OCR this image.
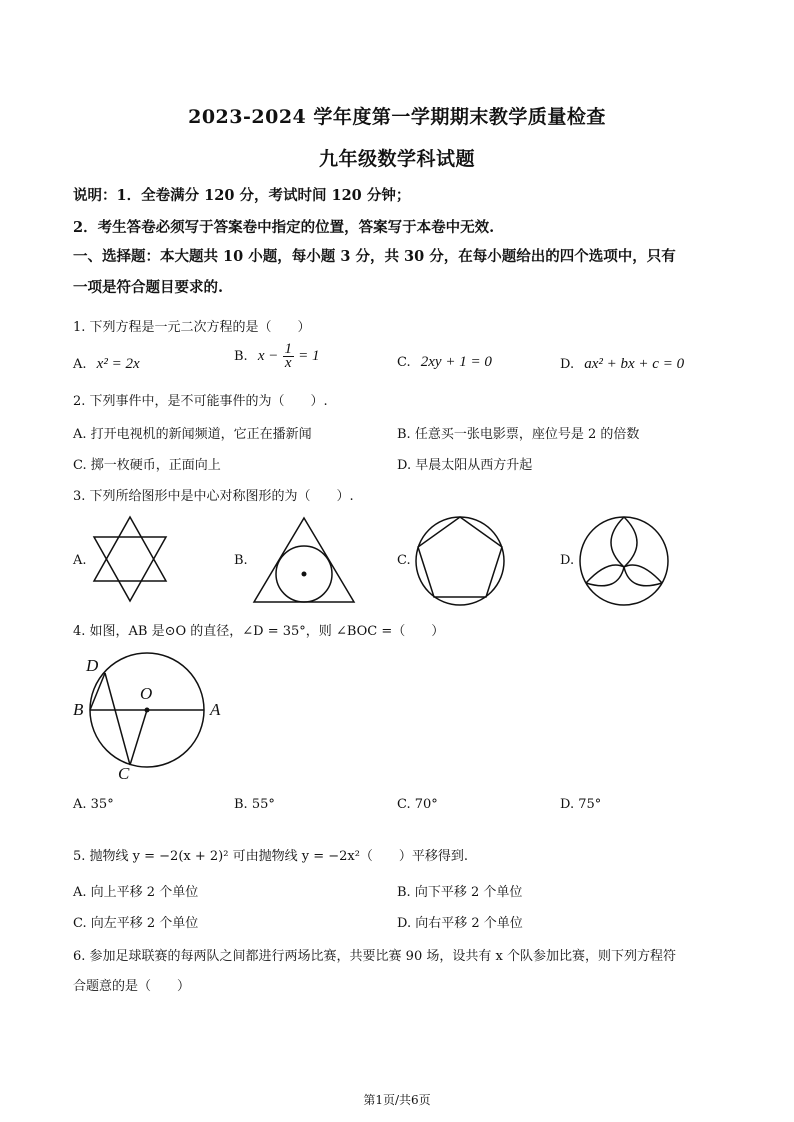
2023-2024 学年度第一学期期末教学质量检查
九年级数学科试题
说明：1．全卷满分 120 分，考试时间 120 分钟；
2．考生答卷必须写于答案卷中指定的位置，答案写于本卷中无效.
一、选择题：本大题共 10 小题，每小题 3 分，共 30 分，在每小题给出的四个选项中，只有
一项是符合题目要求的.
1. 下列方程是一元二次方程的是（　　）
A. x² = 2x	B. $x - \frac{1}{x} = 1$	C. 2xy + 1 = 0	D. ax² + bx + c = 0
2. 下列事件中，是不可能事件的为（　　）.
A. 打开电视机的新闻频道，它正在播新闻	B. 任意买一张电影票，座位号是 2 的倍数
C. 掷一枚硬币，正面向上	D. 早晨太阳从西方升起
3. 下列所给图形中是中心对称图形的为（　　）.
A.	B.	C.	D.
4. 如图，AB 是⊙O 的直径，∠D = 35°，则 ∠BOC =（　　）
D
O
B	A
C
A. 35°	B. 55°	C. 70°	D. 75°
5. 抛物线 y = −2(x + 2)² 可由抛物线 y = −2x²（　　）平移得到.
A. 向上平移 2 个单位	B. 向下平移 2 个单位
C. 向左平移 2 个单位	D. 向右平移 2 个单位
6. 参加足球联赛的每两队之间都进行两场比赛，共要比赛 90 场，设共有 x 个队参加比赛，则下列方程符
合题意的是（　　）
第1页/共6页
